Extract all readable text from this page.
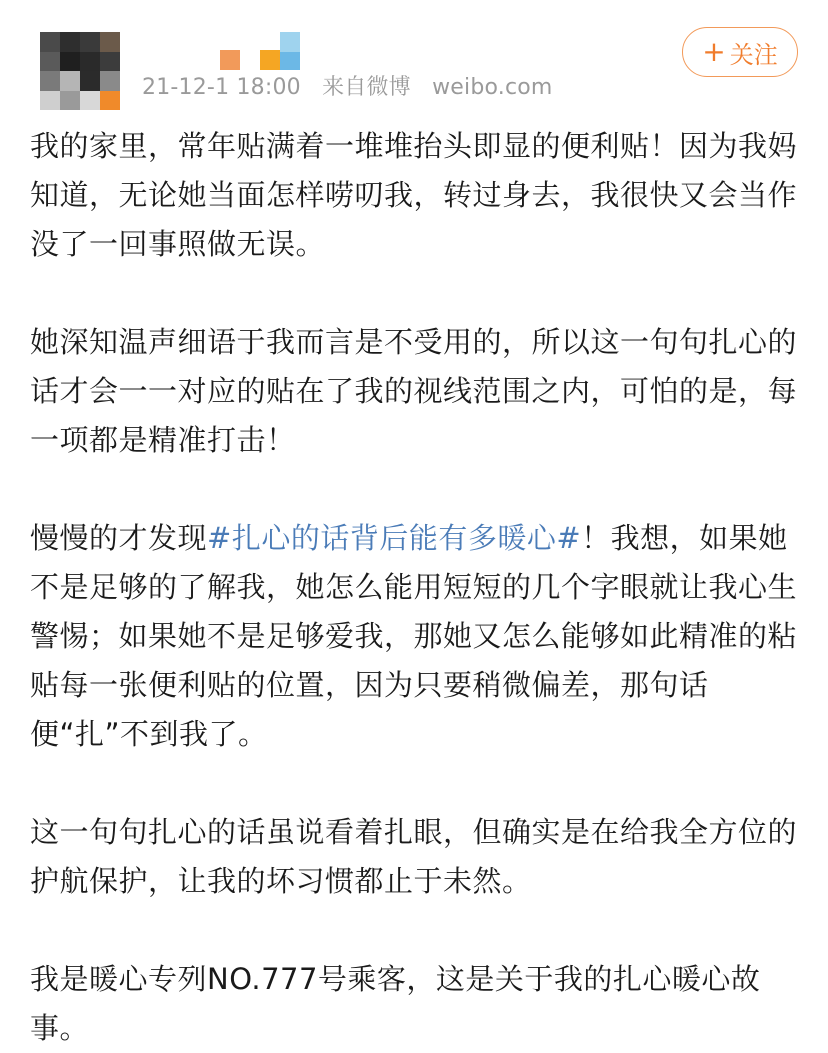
21-12-1 18:00 来自微博 weibo.com
+ 关注

我的家里，常年贴满着一堆堆抬头即显的便利贴！因为我妈知道，无论她当面怎样唠叨我，转过身去，我很快又会当作没了一回事照做无误。

她深知温声细语于我而言是不受用的，所以这一句句扎心的话才会一一对应的贴在了我的视线范围之内，可怕的是，每一项都是精准打击！

慢慢的才发现#扎心的话背后能有多暖心#！我想，如果她不是足够的了解我，她怎么能用短短的几个字眼就让我心生警惕；如果她不是足够爱我，那她又怎么能够如此精准的粘贴每一张便利贴的位置，因为只要稍微偏差，那句话便“扎”不到我了。

这一句句扎心的话虽说看着扎眼，但确实是在给我全方位的护航保护，让我的坏习惯都止于未然。

我是暖心专列NO.777号乘客，这是关于我的扎心暖心故事。
